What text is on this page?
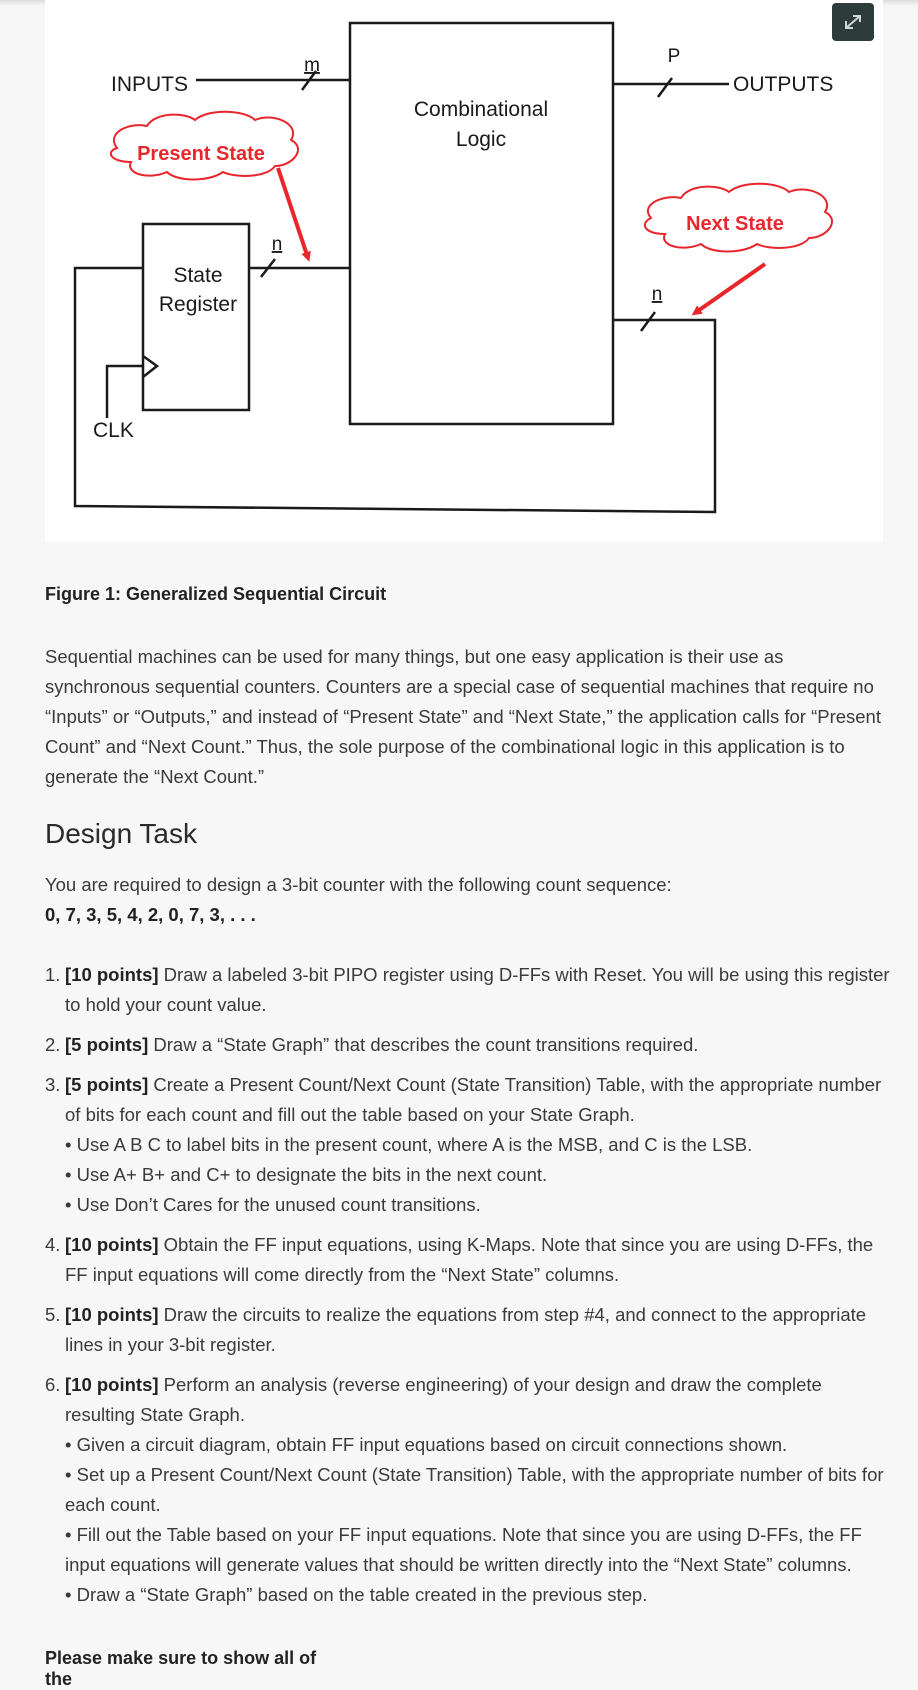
INPUTS	OUTPUTS
Combinational
Logic
State
Register
CLK
P
m
n
n
Present State
Next State
Figure 1: Generalized Sequential Circuit

Sequential machines can be used for many things, but one easy application is their use as synchronous sequential counters. Counters are a special case of sequential machines that require no “Inputs” or “Outputs,” and instead of “Present State” and “Next State,” the application calls for “Present Count” and “Next Count.” Thus, the sole purpose of the combinational logic in this application is to generate the “Next Count.”

Design Task

You are required to design a 3-bit counter with the following count sequence:
0, 7, 3, 5, 4, 2, 0, 7, 3, . . .

1. [10 points] Draw a labeled 3-bit PIPO register using D-FFs with Reset. You will be using this register to hold your count value.
2. [5 points] Draw a “State Graph” that describes the count transitions required.
3. [5 points] Create a Present Count/Next Count (State Transition) Table, with the appropriate number of bits for each count and fill out the table based on your State Graph.
• Use A B C to label bits in the present count, where A is the MSB, and C is the LSB.
• Use A+ B+ and C+ to designate the bits in the next count.
• Use Don’t Cares for the unused count transitions.
4. [10 points] Obtain the FF input equations, using K-Maps. Note that since you are using D-FFs, the FF input equations will come directly from the “Next State” columns.
5. [10 points] Draw the circuits to realize the equations from step #4, and connect to the appropriate lines in your 3-bit register.
6. [10 points] Perform an analysis (reverse engineering) of your design and draw the complete resulting State Graph.
• Given a circuit diagram, obtain FF input equations based on circuit connections shown.
• Set up a Present Count/Next Count (State Transition) Table, with the appropriate number of bits for each count.
• Fill out the Table based on your FF input equations. Note that since you are using D-FFs, the FF input equations will generate values that should be written directly into the “Next State” columns.
• Draw a “State Graph” based on the table created in the previous step.
Please make sure to show all of the
